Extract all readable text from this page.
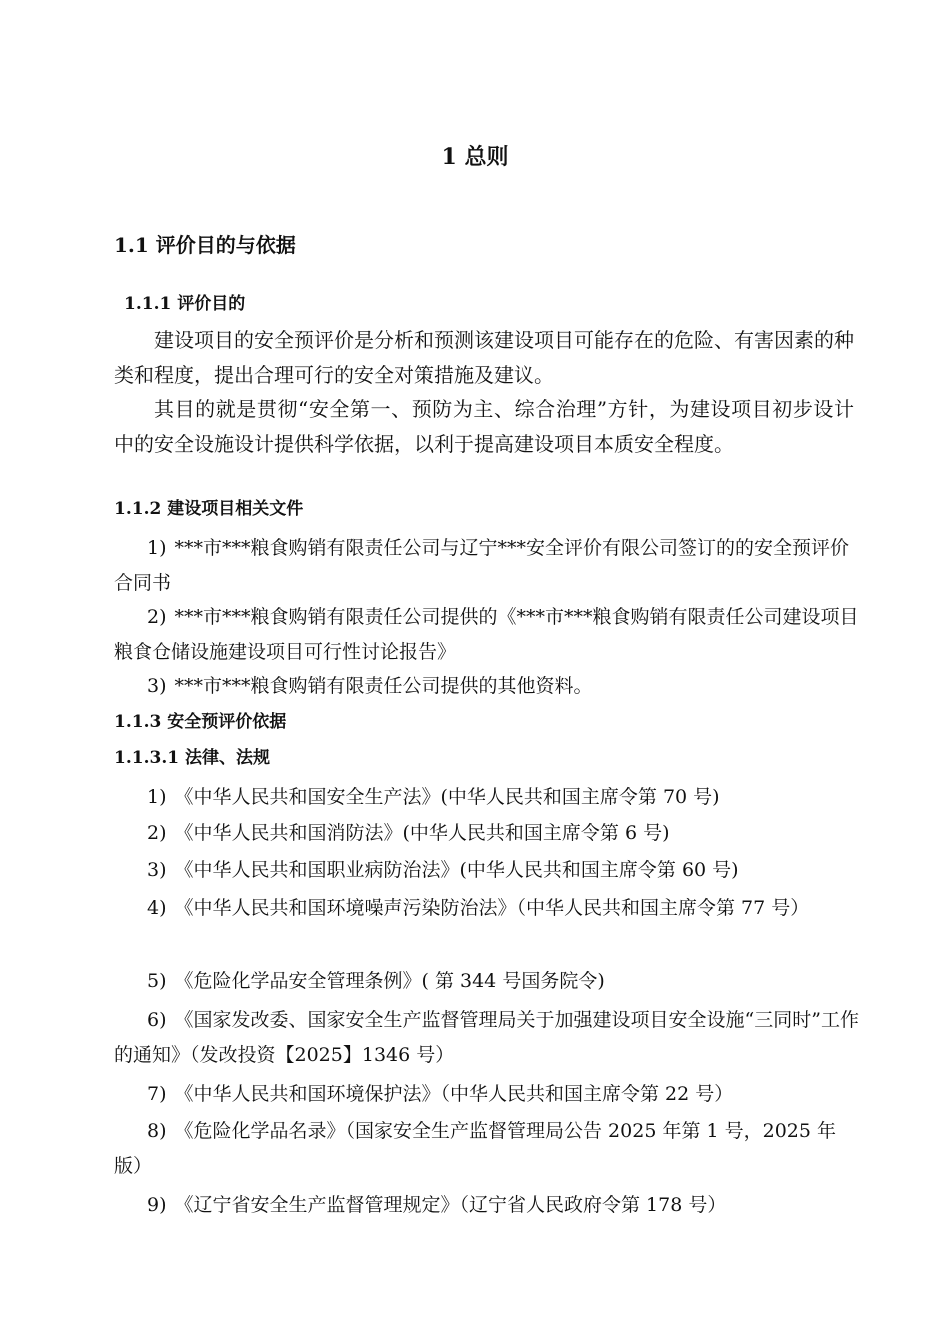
1 总则
1.1 评价目的与依据
1.1.1 评价目的
建设项目的安全预评价是分析和预测该建设项目可能存在的危险、有害因素的种类和程度，提出合理可行的安全对策措施及建议。
其目的就是贯彻“安全第一、预防为主、综合治理”方针，为建设项目初步设计中的安全设施设计提供科学依据，以利于提高建设项目本质安全程度。
1.1.2 建设项目相关文件
1) ***市***粮食购销有限责任公司与辽宁***安全评价有限公司签订的的安全预评价合同书
2) ***市***粮食购销有限责任公司提供的《***市***粮食购销有限责任公司建设项目粮食仓储设施建设项目可行性讨论报告》
3) ***市***粮食购销有限责任公司提供的其他资料。
1.1.3 安全预评价依据
1.1.3.1 法律、法规
1) 《中华人民共和国安全生产法》(中华人民共和国主席令第 70 号)
2) 《中华人民共和国消防法》(中华人民共和国主席令第 6 号)
3) 《中华人民共和国职业病防治法》(中华人民共和国主席令第 60 号)
4) 《中华人民共和国环境噪声污染防治法》（中华人民共和国主席令第 77 号）
5) 《危险化学品安全管理条例》( 第 344 号国务院令)
6) 《国家发改委、国家安全生产监督管理局关于加强建设项目安全设施“三同时”工作的通知》（发改投资【2025】1346 号）
7) 《中华人民共和国环境保护法》（中华人民共和国主席令第 22 号）
8) 《危险化学品名录》（国家安全生产监督管理局公告 2025 年第 1 号，2025 年版）
9) 《辽宁省安全生产监督管理规定》（辽宁省人民政府令第 178 号）
